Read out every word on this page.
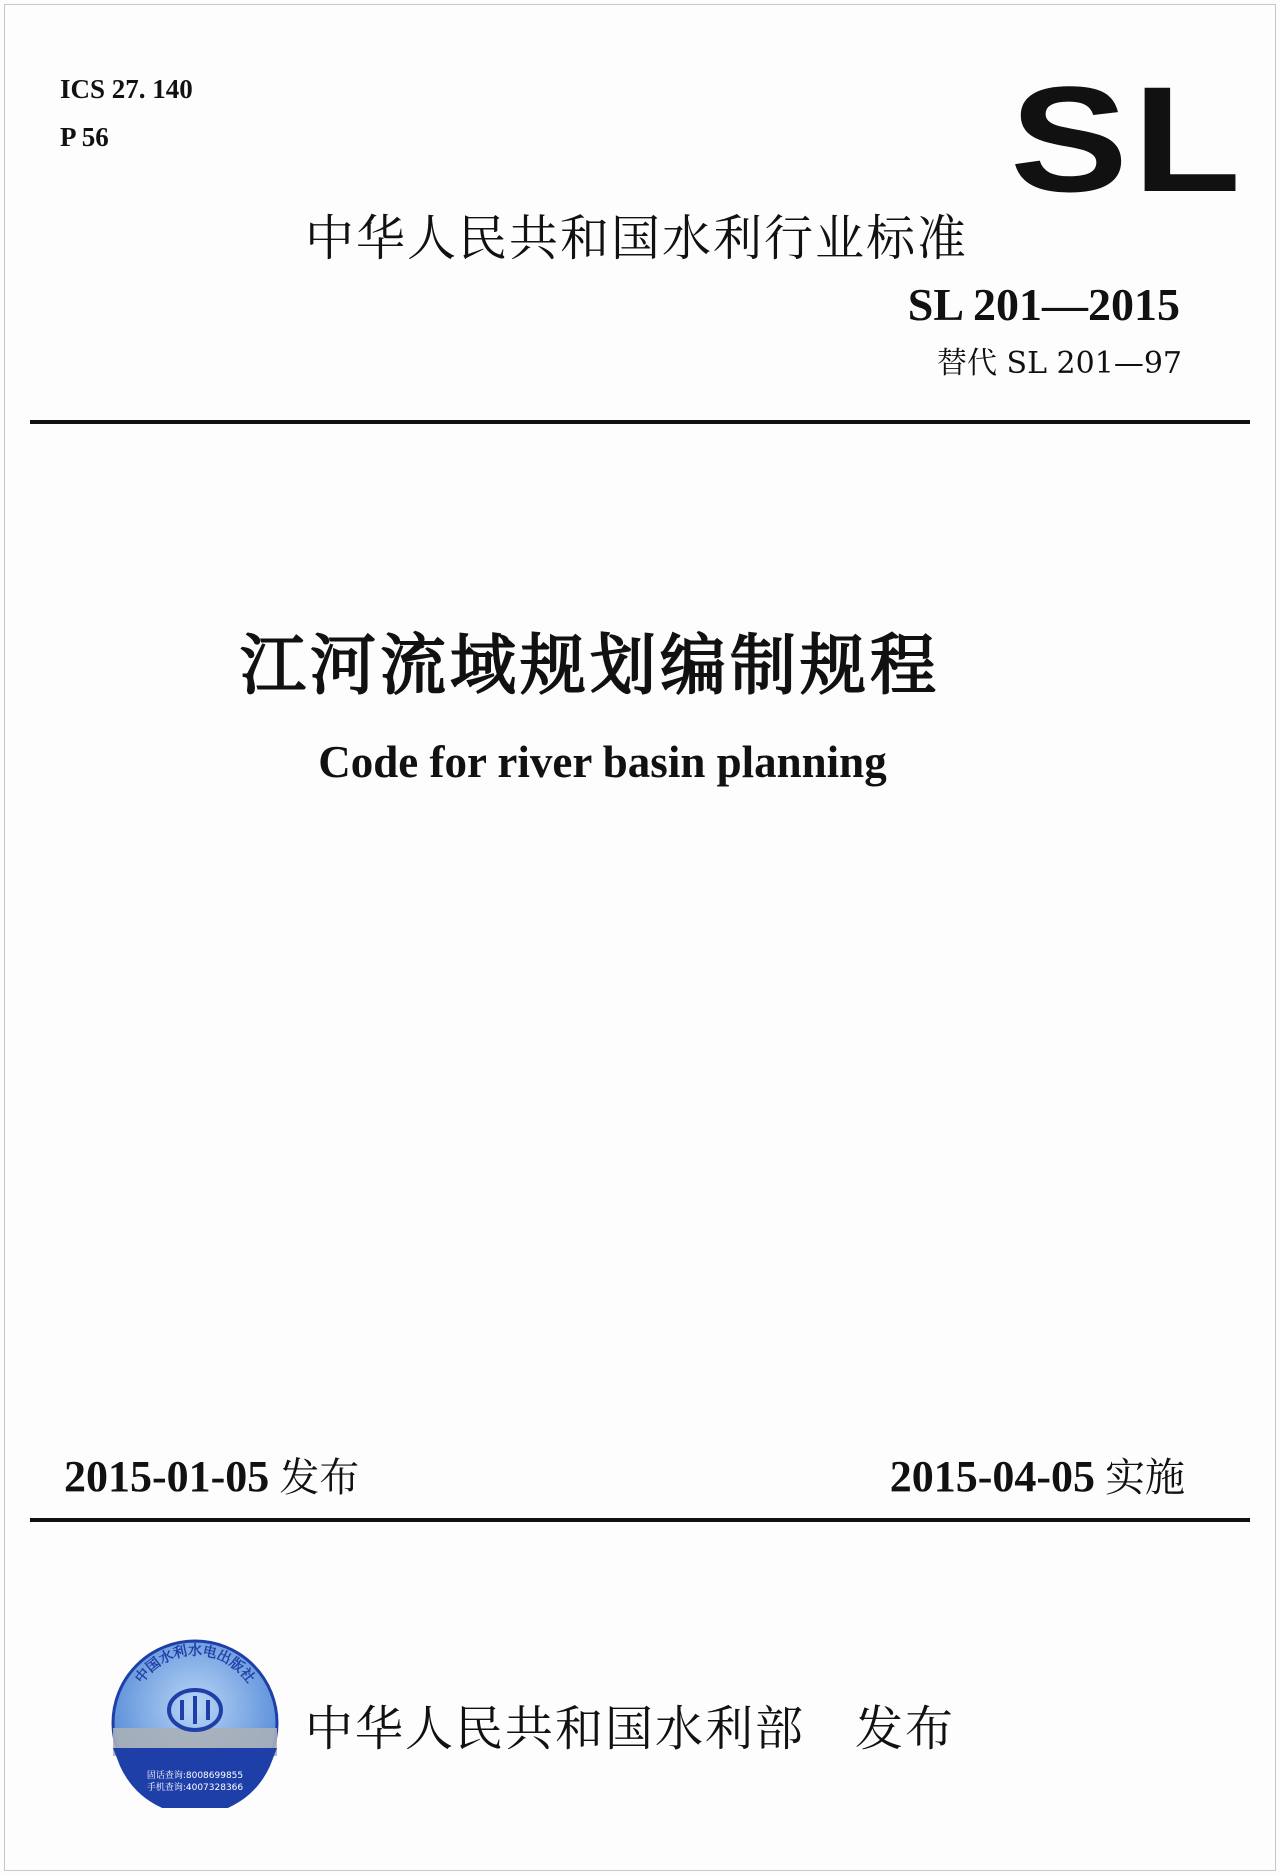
ICS 27. 140
P 56	SL
中华人民共和国水利行业标准
SL 201—2015
替代 SL 201—97
江河流域规划编制规程
Code for river basin planning
2015-01-05 发布	2015-04-05 实施
中国水利水电出版社
固话查询:8008699855
手机查询:4007328366
中华人民共和国水利部 发布
